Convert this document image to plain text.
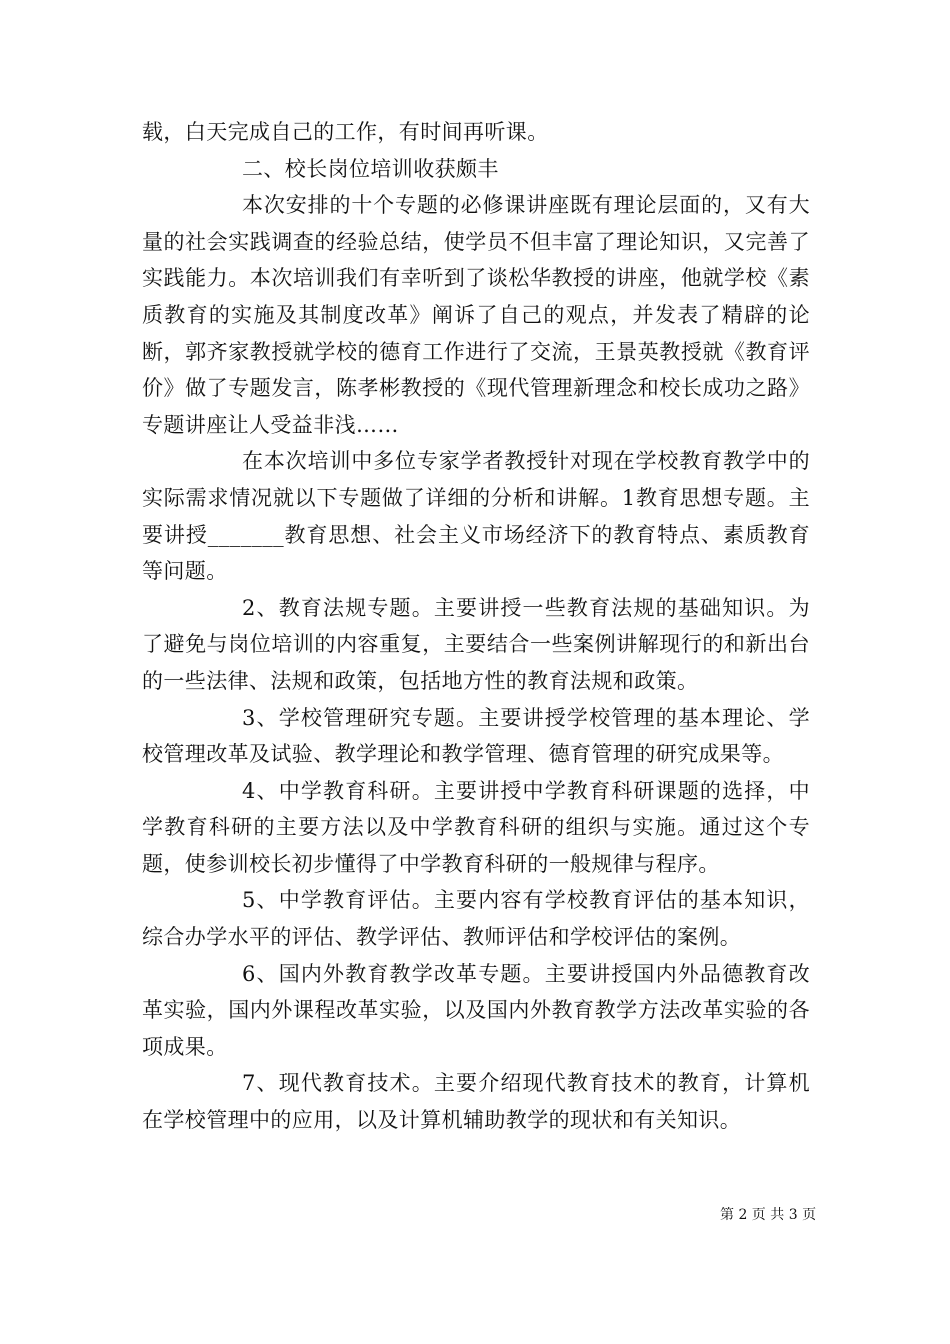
载，白天完成自己的工作，有时间再听课。

二、校长岗位培训收获颇丰

本次安排的十个专题的必修课讲座既有理论层面的，又有大量的社会实践调查的经验总结，使学员不但丰富了理论知识，又完善了实践能力。本次培训我们有幸听到了谈松华教授的讲座，他就学校《素质教育的实施及其制度改革》阐诉了自己的观点，并发表了精辟的论断，郭齐家教授就学校的德育工作进行了交流，王景英教授就《教育评价》做了专题发言，陈孝彬教授的《现代管理新理念和校长成功之路》专题讲座让人受益非浅……

在本次培训中多位专家学者教授针对现在学校教育教学中的实际需求情况就以下专题做了详细的分析和讲解。1教育思想专题。主要讲授_______教育思想、社会主义市场经济下的教育特点、素质教育等问题。

2、教育法规专题。主要讲授一些教育法规的基础知识。为了避免与岗位培训的内容重复，主要结合一些案例讲解现行的和新出台的一些法律、法规和政策，包括地方性的教育法规和政策。

3、学校管理研究专题。主要讲授学校管理的基本理论、学校管理改革及试验、教学理论和教学管理、德育管理的研究成果等。

4、中学教育科研。主要讲授中学教育科研课题的选择，中学教育科研的主要方法以及中学教育科研的组织与实施。通过这个专题，使参训校长初步懂得了中学教育科研的一般规律与程序。

5、中学教育评估。主要内容有学校教育评估的基本知识，综合办学水平的评估、教学评估、教师评估和学校评估的案例。

6、国内外教育教学改革专题。主要讲授国内外品德教育改革实验，国内外课程改革实验，以及国内外教育教学方法改革实验的各项成果。

7、现代教育技术。主要介绍现代教育技术的教育，计算机在学校管理中的应用，以及计算机辅助教学的现状和有关知识。

第 2 页 共 3 页
